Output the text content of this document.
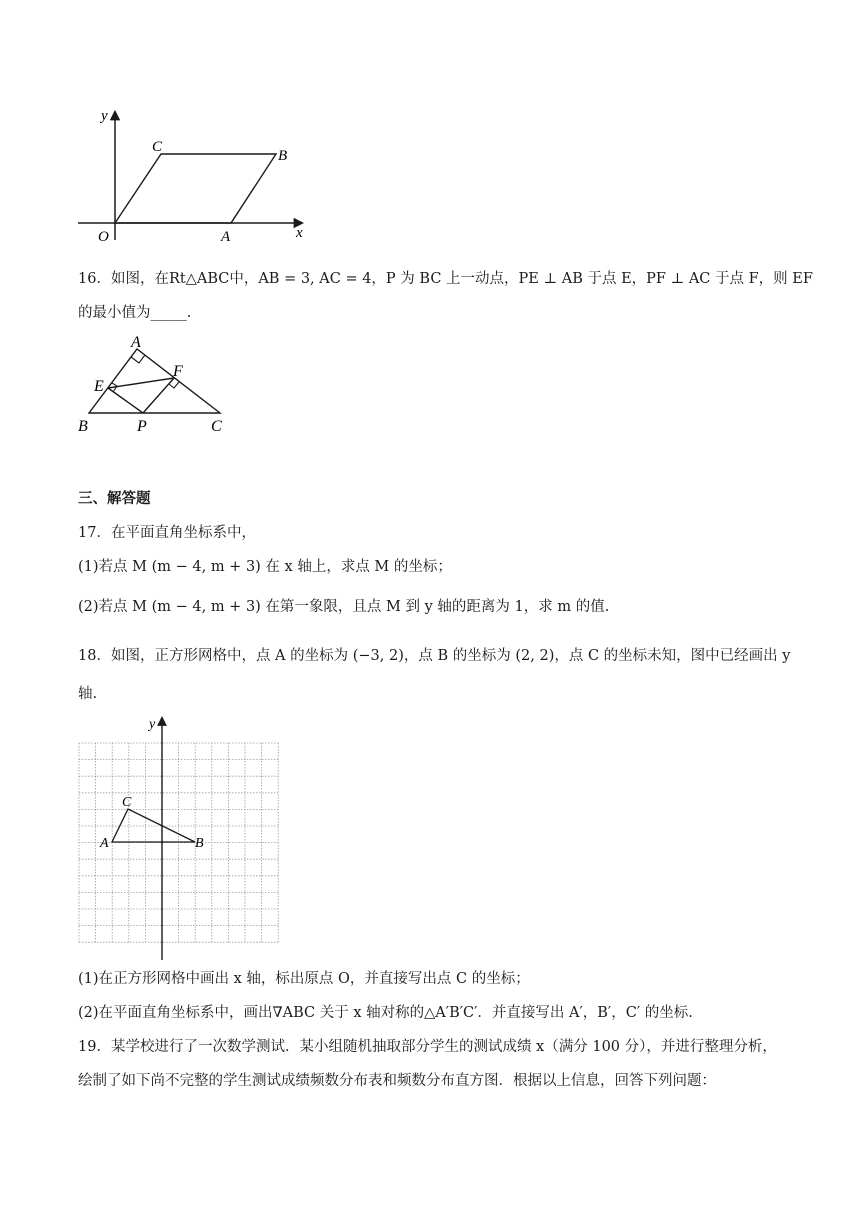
y
x
O	A
B
C
16．如图，在Rt△ABC中，AB = 3, AC = 4，P 为 BC 上一动点，PE ⊥ AB 于点 E，PF ⊥ AC 于点 F，则 EF
的最小值为_____.
A
B	C
E
F
P
三、解答题
17．在平面直角坐标系中，
(1)若点 M (m − 4, m + 3) 在 x 轴上，求点 M 的坐标；
(2)若点 M (m − 4, m + 3) 在第一象限，且点 M 到 y 轴的距离为 1，求 m 的值.
18．如图，正方形网格中，点 A 的坐标为 (−3, 2)，点 B 的坐标为 (2, 2)，点 C 的坐标未知，图中已经画出 y
轴.
y
A	B
C
(1)在正方形网格中画出 x 轴，标出原点 O，并直接写出点 C 的坐标；
(2)在平面直角坐标系中，画出∇ABC 关于 x 轴对称的△A′B′C′．并直接写出 A′，B′，C′ 的坐标.
19．某学校进行了一次数学测试．某小组随机抽取部分学生的测试成绩 x（满分 100 分），并进行整理分析，
绘制了如下尚不完整的学生测试成绩频数分布表和频数分布直方图．根据以上信息，回答下列问题：
